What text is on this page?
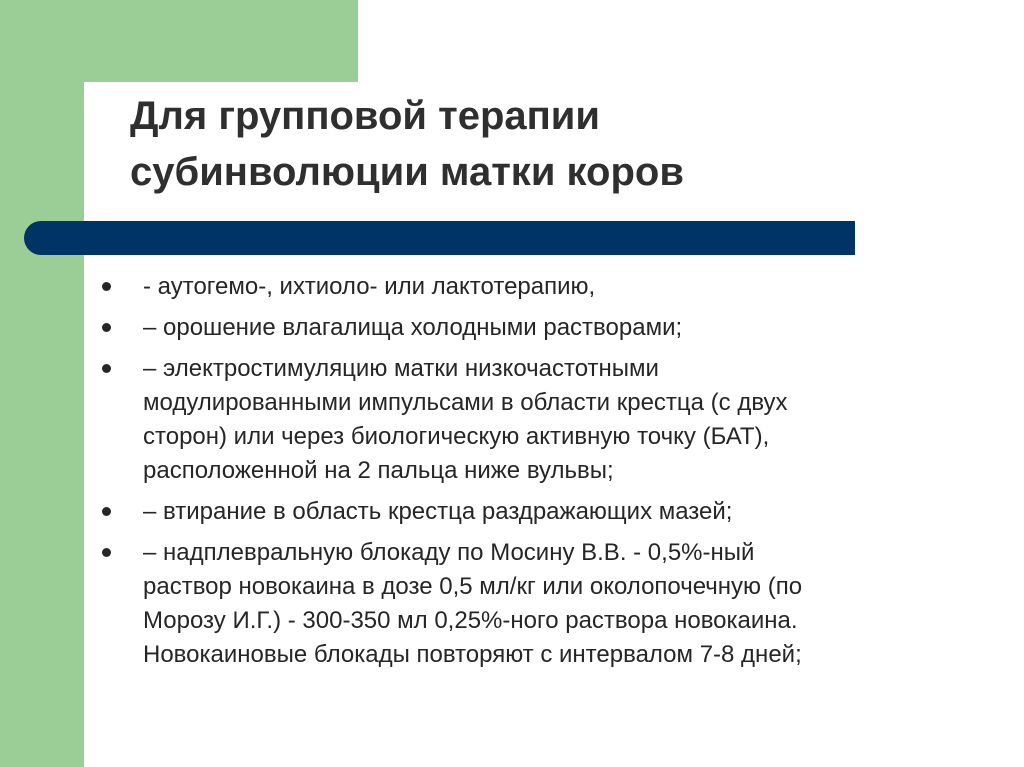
Для групповой терапии
субинволюции матки коров
- аутогемо-, ихтиоло- или лактотерапию,
– орошение влагалища холодными растворами;
– электростимуляцию матки низкочастотными
модулированными импульсами в области крестца (с двух
сторон) или через биологическую активную точку (БАТ),
расположенной на 2 пальца ниже вульвы;
– втирание в область крестца раздражающих мазей;
– надплевральную блокаду по Мосину В.В. - 0,5%-ный
раствор новокаина в дозе 0,5 мл/кг или околопочечную (по
Морозу И.Г.) - 300-350 мл 0,25%-ного раствора новокаина.
Новокаиновые блокады повторяют с интервалом 7-8 дней;
